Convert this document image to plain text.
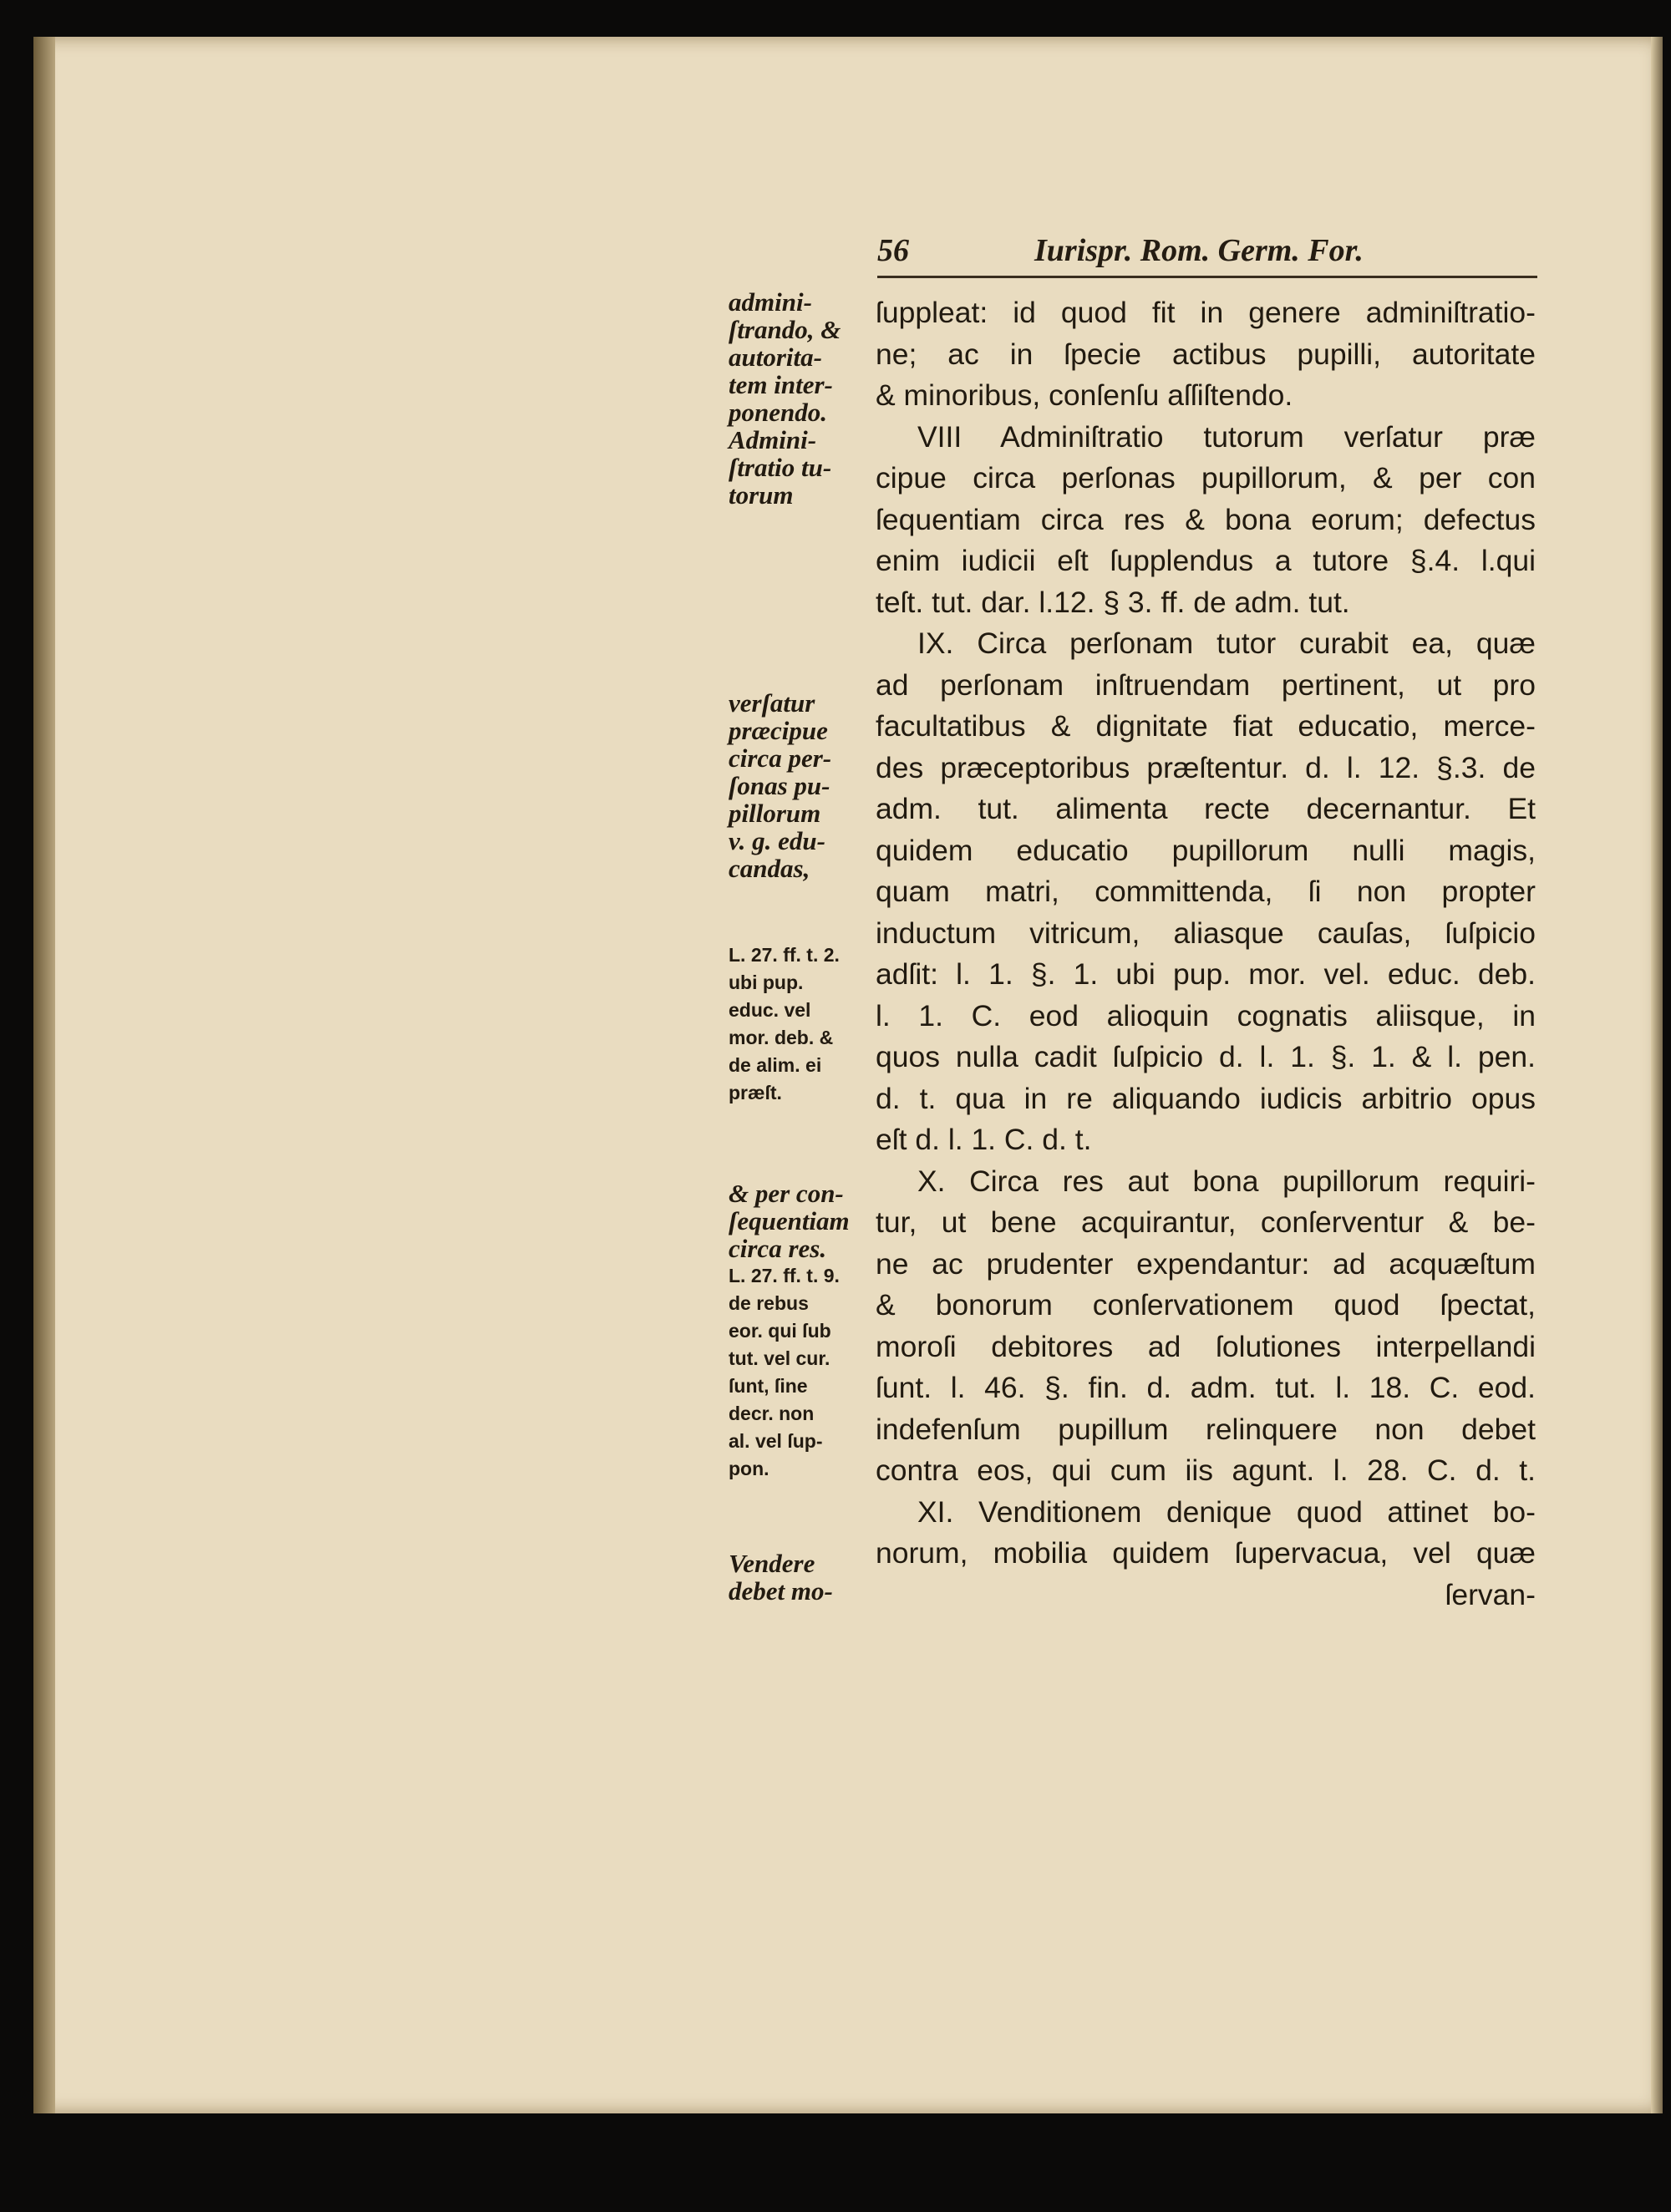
56	Iurispr. Rom. Germ. For.
ſuppleat: id quod fit in genere adminiſtratio-
ne; ac in ſpecie actibus pupilli, autoritate
& minoribus, conſenſu aſſiſtendo.
VIII Adminiſtratio tutorum verſatur præ
cipue circa perſonas pupillorum, & per con
ſequentiam circa res & bona eorum; defectus
enim iudicii eſt ſupplendus a tutore §.4. l.qui
teſt. tut. dar. l.12. § 3. ff. de adm. tut.
IX. Circa perſonam tutor curabit ea, quæ
ad perſonam inſtruendam pertinent, ut pro
facultatibus & dignitate fiat educatio, merce-
des præceptoribus præſtentur. d. l. 12. §.3. de
adm. tut. alimenta recte decernantur. Et
quidem educatio pupillorum nulli magis,
quam matri, committenda, ſi non propter
inductum vitricum, aliasque cauſas, ſuſpicio
adſit: l. 1. §. 1. ubi pup. mor. vel. educ. deb.
l. 1. C. eod alioquin cognatis aliisque, in
quos nulla cadit ſuſpicio d. l. 1. §. 1. & l. pen.
d. t. qua in re aliquando iudicis arbitrio opus
eſt d. l. 1. C. d. t.
X. Circa res aut bona pupillorum requiri-
tur, ut bene acquirantur, conſerventur & be-
ne ac prudenter expendantur: ad acquæſtum
& bonorum conſervationem quod ſpectat,
moroſi debitores ad ſolutiones interpellandi
ſunt. l. 46. §. fin. d. adm. tut. l. 18. C. eod.
indefenſum pupillum relinquere non debet
contra eos, qui cum iis agunt. l. 28. C. d. t.
XI. Venditionem denique quod attinet bo-
norum, mobilia quidem ſupervacua, vel quæ
ſervan-
admini-
ſtrando, &
autorita-
tem inter-
ponendo.
Admini-
ſtratio tu-
torum
verſatur
præcipue
circa per-
ſonas pu-
pillorum
v. g. edu-
candas,
L. 27. ff. t. 2.
ubi pup.
educ. vel
mor. deb. &
de alim. ei
præſt.
& per con-
ſequentiam
circa res.
L. 27. ff. t. 9.
de rebus
eor. qui ſub
tut. vel cur.
ſunt, ſine
decr. non
al. vel ſup-
pon.
Vendere
debet mo-
